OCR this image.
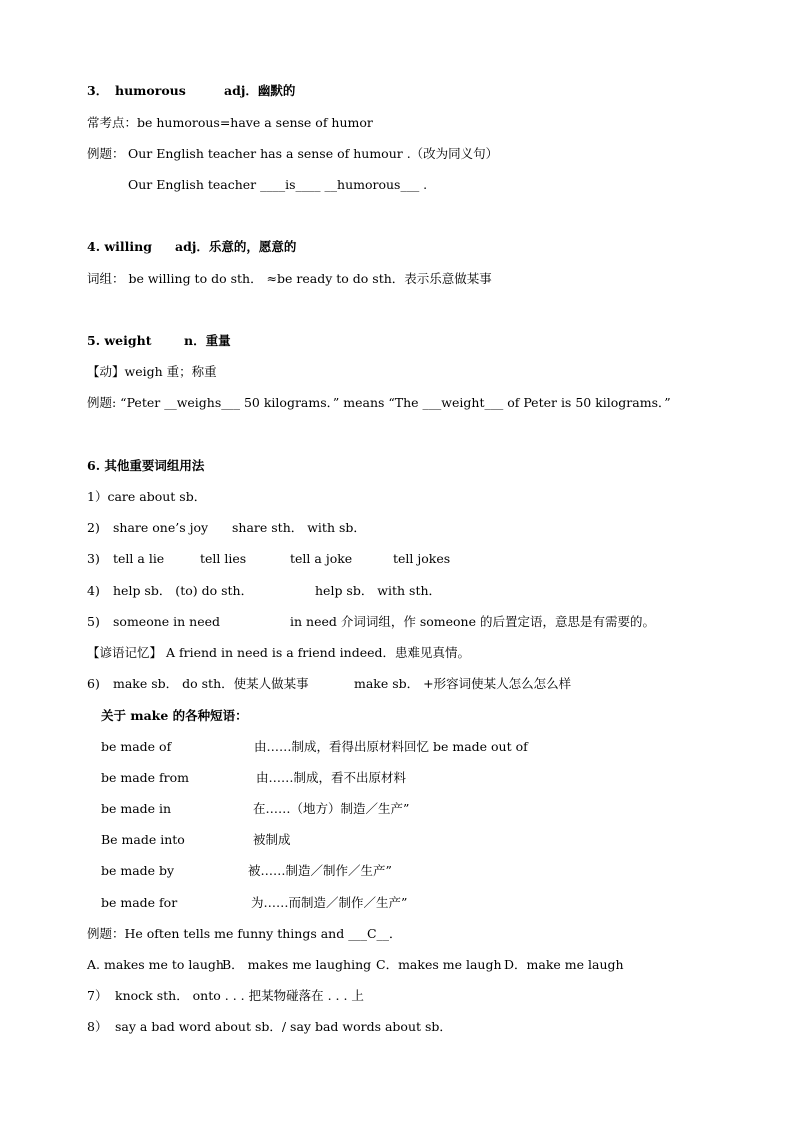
3． humorous	adj．幽默的
常考点：be humorous=have a sense of humor
例题： Our English teacher has a sense of humour .（改为同义句）
Our English teacher ____is____ __humorous___ .
4. willing adj．乐意的，愿意的
词组： be willing to do sth． ≈be ready to do sth．表示乐意做某事
5. weight	n．重量
【动】weigh 重；称重
例题: “Peter __weighs___ 50 kilograms．” means “The ___weight___ of Peter is 50 kilograms．”
6. 其他重要词组用法
1）care about sb．
2) share one’s joy share sth． with sb．
3) tell a lie	tell lies	tell a joke	tell jokes
4) help sb． (to) do sth．	help sb． with sth．
5) someone in need	in need 介词词组，作 someone 的后置定语，意思是有需要的。
【谚语记忆】 A friend in need is a friend indeed．患难见真情。
6) make sb． do sth．使某人做某事	make sb． +形容词使某人怎么怎么样
关于 make 的各种短语：
be made of	由……制成，看得出原材料回忆 be made out of
be made from	由……制成，看不出原材料
be made in	在……（地方）制造／生产”
Be made into	被制成
be made by	被……制造／制作／生产”
be made for	为……而制造／制作／生产”
例题：He often tells me funny things and ___C__．
A. makes me to laugh
B． makes me laughing C．makes me laugh D．make me laugh
7） knock sth． onto . . . 把某物碰落在 . . . 上
8） say a bad word about sb．/ say bad words about sb．
